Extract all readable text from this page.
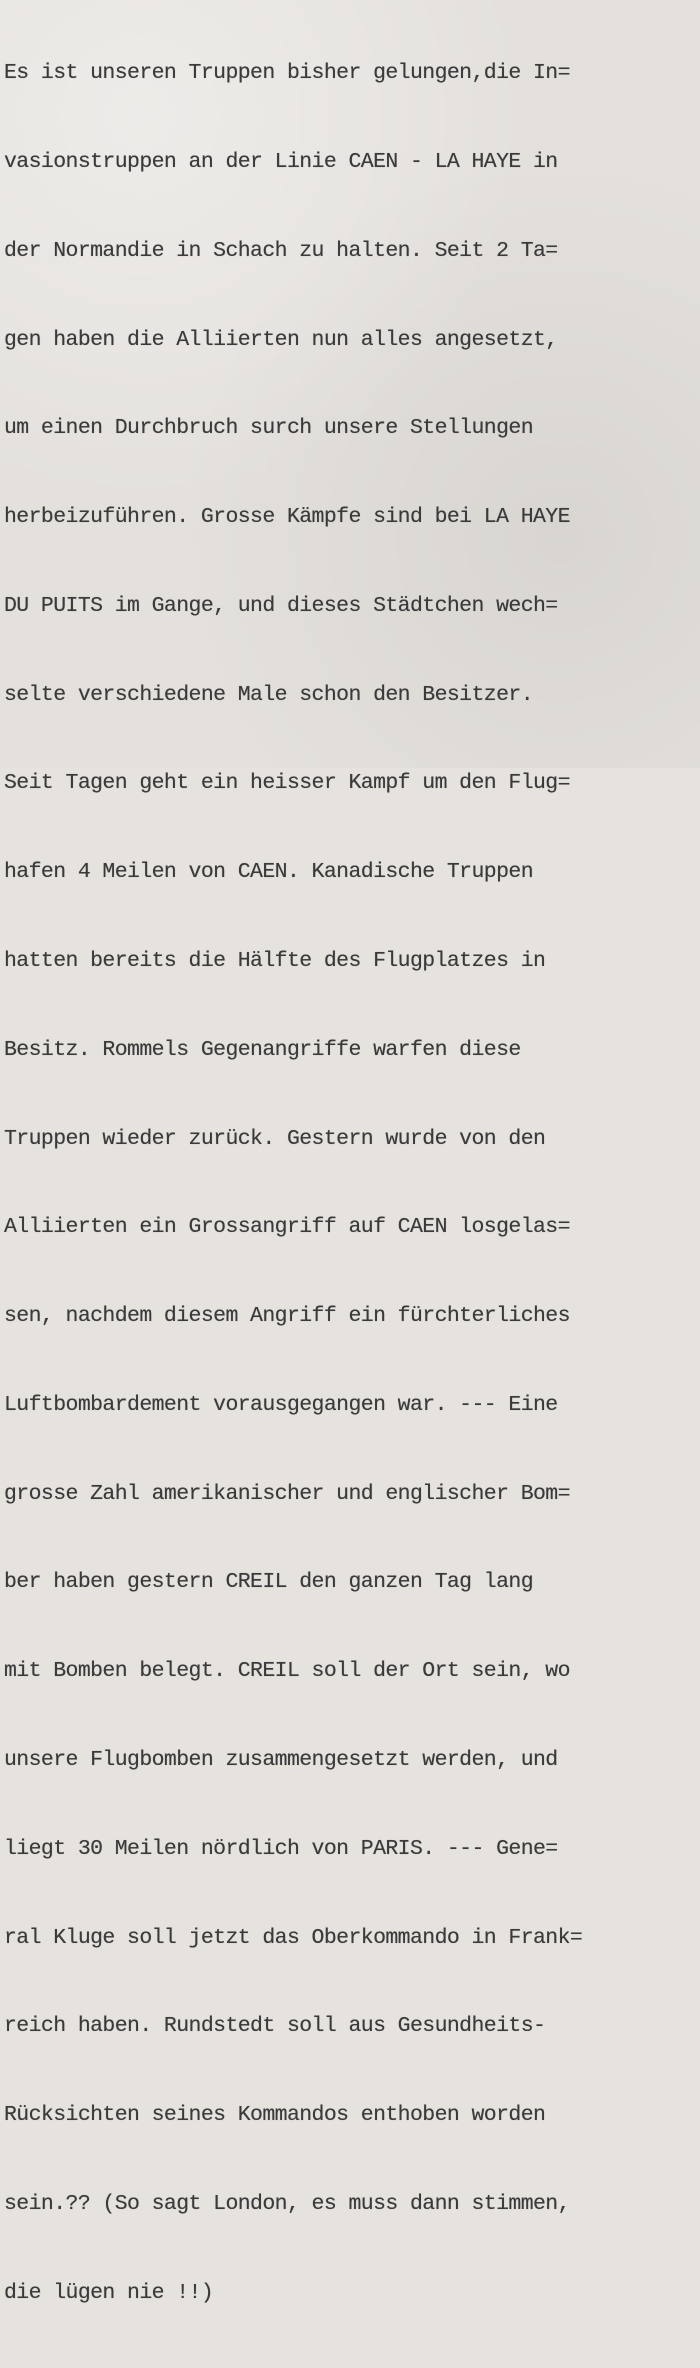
Es ist unseren Truppen bisher gelungen,die In=

vasionstruppen an der Linie CAEN - LA HAYE in

der Normandie in Schach zu halten. Seit 2 Ta=

gen haben die Alliierten nun alles angesetzt,

um einen Durchbruch surch unsere Stellungen

herbeizuführen. Grosse Kämpfe sind bei LA HAYE

DU PUITS im Gange, und dieses Städtchen wech=

selte verschiedene Male schon den Besitzer.

Seit Tagen geht ein heisser Kampf um den Flug=

hafen 4 Meilen von CAEN. Kanadische Truppen

hatten bereits die Hälfte des Flugplatzes in

Besitz. Rommels Gegenangriffe warfen diese

Truppen wieder zurück. Gestern wurde von den

Alliierten ein Grossangriff auf CAEN losgelas=

sen, nachdem diesem Angriff ein fürchterliches

Luftbombardement vorausgegangen war. --- Eine

grosse Zahl amerikanischer und englischer Bom=

ber haben gestern CREIL den ganzen Tag lang

mit Bomben belegt. CREIL soll der Ort sein, wo

unsere Flugbomben zusammengesetzt werden, und

liegt 30 Meilen nördlich von PARIS. --- Gene=

ral Kluge soll jetzt das Oberkommando in Frank=

reich haben. Rundstedt soll aus Gesundheits-

Rücksichten seines Kommandos enthoben worden

sein.?? (So sagt London, es muss dann stimmen,

die lügen nie !!)
